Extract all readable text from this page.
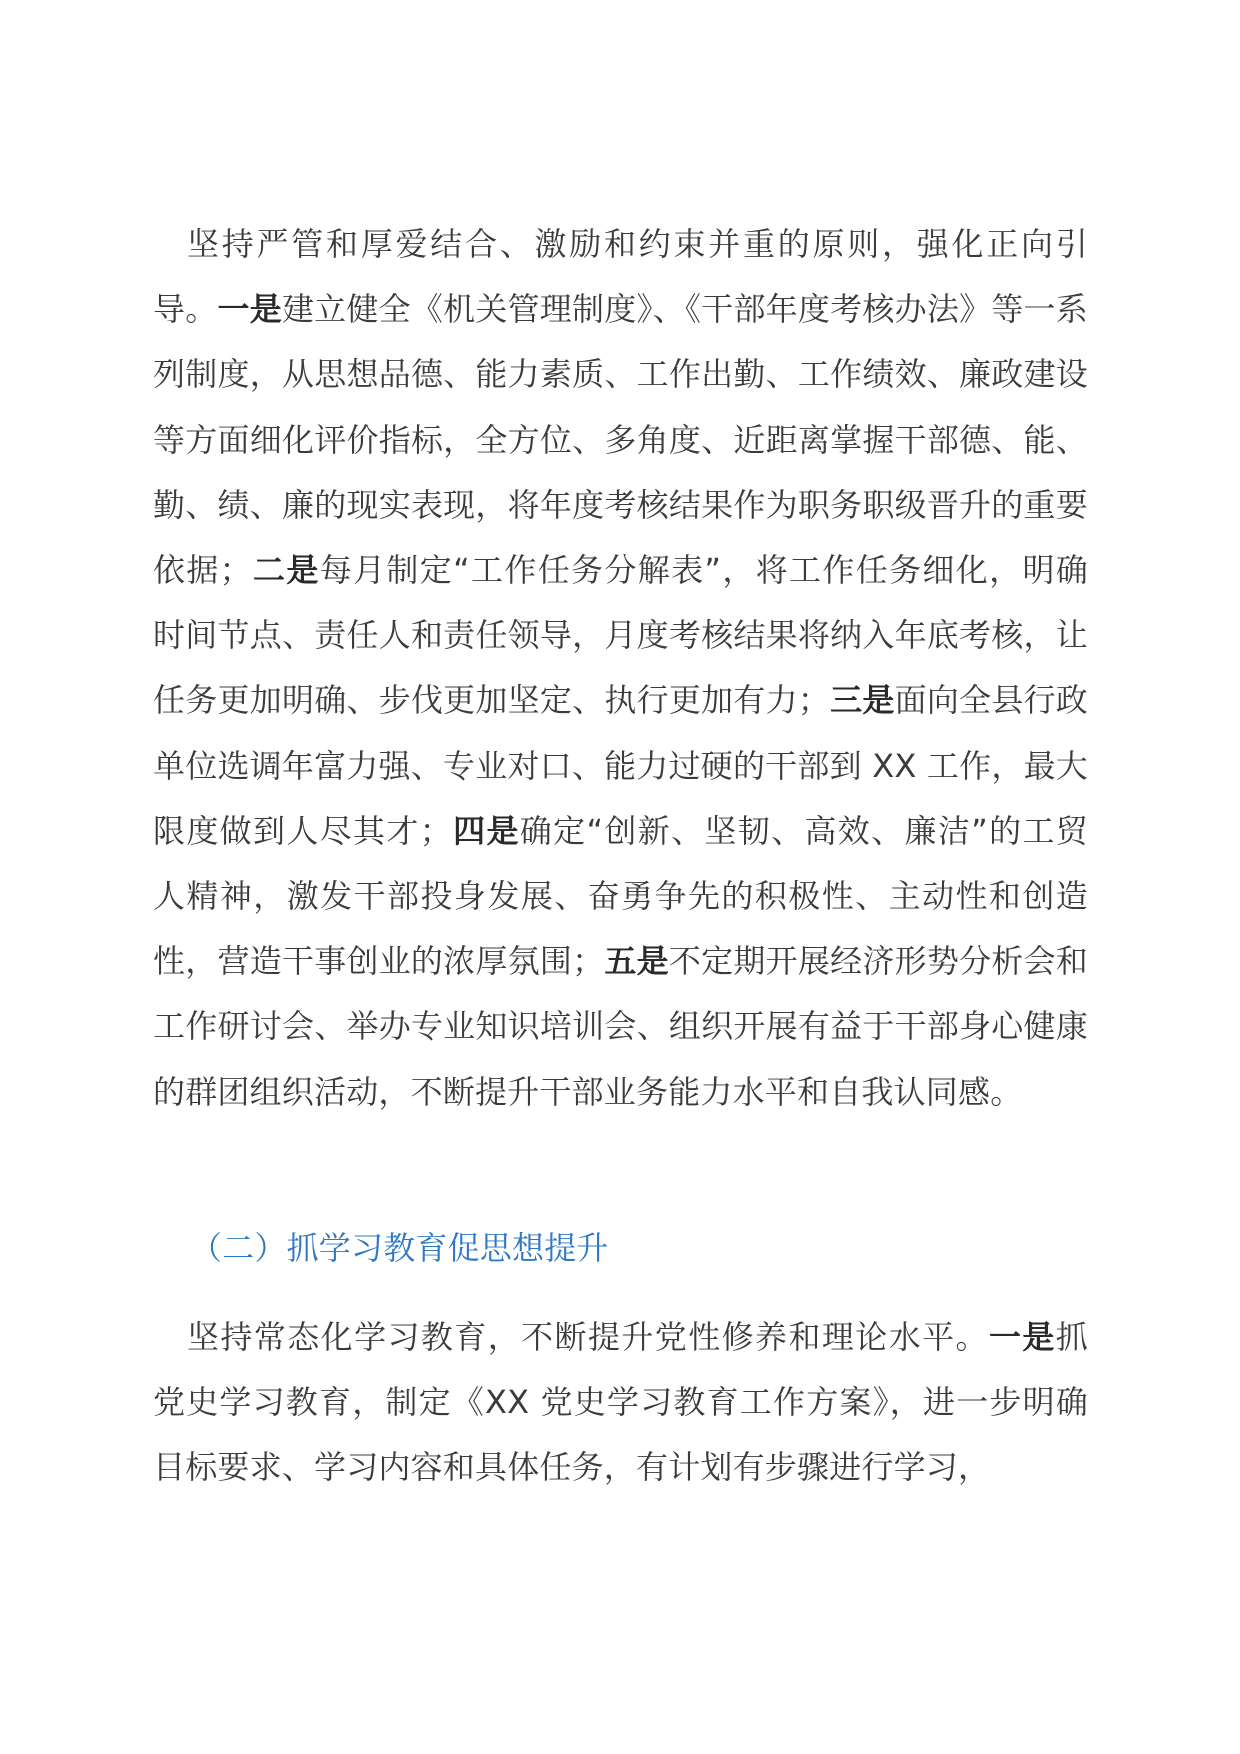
坚持严管和厚爱结合、激励和约束并重的原则，强化正向引导。一是建立健全《机关管理制度》、《干部年度考核办法》等一系列制度，从思想品德、能力素质、工作出勤、工作绩效、廉政建设等方面细化评价指标，全方位、多角度、近距离掌握干部德、能、勤、绩、廉的现实表现，将年度考核结果作为职务职级晋升的重要依据；二是每月制定“工作任务分解表”，将工作任务细化，明确时间节点、责任人和责任领导，月度考核结果将纳入年底考核，让任务更加明确、步伐更加坚定、执行更加有力；三是面向全县行政单位选调年富力强、专业对口、能力过硬的干部到 XX 工作，最大限度做到人尽其才；四是确定“创新、坚韧、高效、廉洁”的工贸人精神，激发干部投身发展、奋勇争先的积极性、主动性和创造性，营造干事创业的浓厚氛围；五是不定期开展经济形势分析会和工作研讨会、举办专业知识培训会、组织开展有益于干部身心健康的群团组织活动，不断提升干部业务能力水平和自我认同感。

（二）抓学习教育促思想提升

坚持常态化学习教育，不断提升党性修养和理论水平。一是抓党史学习教育，制定《XX 党史学习教育工作方案》，进一步明确目标要求、学习内容和具体任务，有计划有步骤进行学习，
